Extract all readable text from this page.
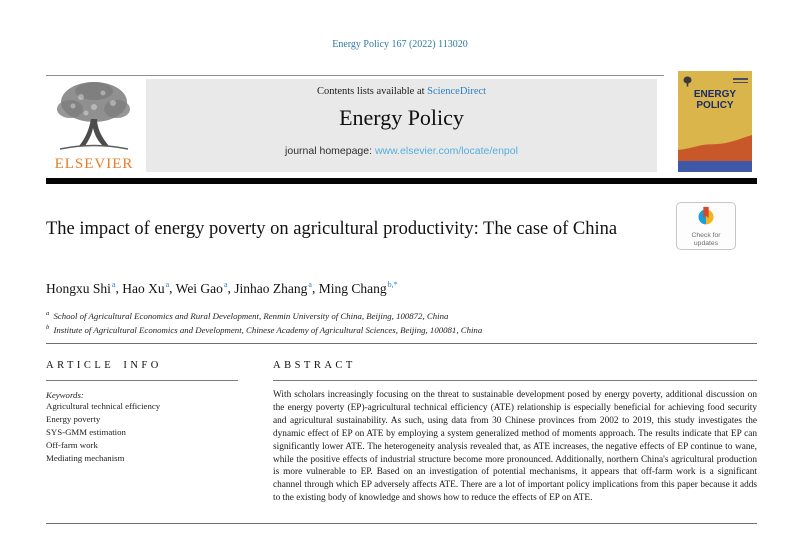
Energy Policy 167 (2022) 113020
ELSEVIER
Contents lists available at ScienceDirect
Energy Policy
journal homepage: www.elsevier.com/locate/enpol
ENERGY
POLICY
The impact of energy poverty on agricultural productivity: The case of China	Check for
updates
Hongxu Shi$^a$, Hao Xu$^a$, Wei Gao$^a$, Jinhao Zhang$^a$, Ming Chang$^{b,*}$
$^a$ School of Agricultural Economics and Rural Development, Renmin University of China, Beijing, 100872, China
$^b$ Institute of Agricultural Economics and Development, Chinese Academy of Agricultural Sciences, Beijing, 100081, China
ARTICLE INFO
Keywords:
Agricultural technical efficiency
Energy poverty
SYS-GMM estimation
Off-farm work
Mediating mechanism
ABSTRACT

With scholars increasingly focusing on the threat to sustainable development posed by energy poverty, additional discussion on the energy poverty (EP)-agricultural technical efficiency (ATE) relationship is especially beneficial for achieving food security and agricultural sustainability. As such, using data from 30 Chinese provinces from 2002 to 2019, this study investigates the dynamic effect of EP on ATE by employing a system generalized method of moments approach. The results indicate that EP can significantly lower ATE. The heterogeneity analysis revealed that, as ATE increases, the negative effects of EP continue to wane, while the positive effects of industrial structure become more pronounced. Additionally, northern China's agricultural production is more vulnerable to EP. Based on an investigation of potential mechanisms, it appears that off-farm work is a significant channel through which EP adversely affects ATE. There are a lot of important policy implications from this paper because it adds to the existing body of knowledge and shows how to reduce the effects of EP on ATE.
